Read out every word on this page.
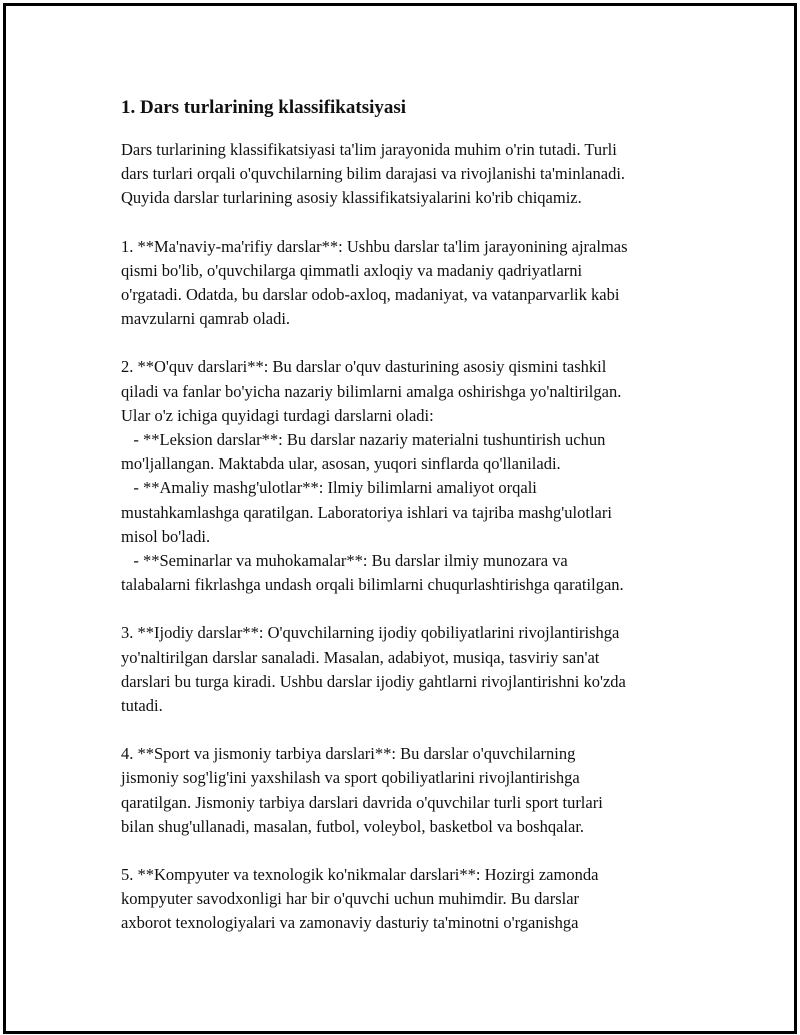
1. Dars turlarining klassifikatsiyasi
Dars turlarining klassifikatsiyasi ta'lim jarayonida muhim o'rin tutadi. Turli
dars turlari orqali o'quvchilarning bilim darajasi va rivojlanishi ta'minlanadi.
Quyida darslar turlarining asosiy klassifikatsiyalarini ko'rib chiqamiz.
1. **Ma'naviy-ma'rifiy darslar**: Ushbu darslar ta'lim jarayonining ajralmas
qismi bo'lib, o'quvchilarga qimmatli axloqiy va madaniy qadriyatlarni
o'rgatadi. Odatda, bu darslar odob-axloq, madaniyat, va vatanparvarlik kabi
mavzularni qamrab oladi.
2. **O'quv darslari**: Bu darslar o'quv dasturining asosiy qismini tashkil
qiladi va fanlar bo'yicha nazariy bilimlarni amalga oshirishga yo'naltirilgan.
Ular o'z ichiga quyidagi turdagi darslarni oladi:
- **Leksion darslar**: Bu darslar nazariy materialni tushuntirish uchun
mo'ljallangan. Maktabda ular, asosan, yuqori sinflarda qo'llaniladi.
- **Amaliy mashg'ulotlar**: Ilmiy bilimlarni amaliyot orqali
mustahkamlashga qaratilgan. Laboratoriya ishlari va tajriba mashg'ulotlari
misol bo'ladi.
- **Seminarlar va muhokamalar**: Bu darslar ilmiy munozara va
talabalarni fikrlashga undash orqali bilimlarni chuqurlashtirishga qaratilgan.
3. **Ijodiy darslar**: O'quvchilarning ijodiy qobiliyatlarini rivojlantirishga
yo'naltirilgan darslar sanaladi. Masalan, adabiyot, musiqa, tasviriy san'at
darslari bu turga kiradi. Ushbu darslar ijodiy gahtlarni rivojlantirishni ko'zda
tutadi.
4. **Sport va jismoniy tarbiya darslari**: Bu darslar o'quvchilarning
jismoniy sog'lig'ini yaxshilash va sport qobiliyatlarini rivojlantirishga
qaratilgan. Jismoniy tarbiya darslari davrida o'quvchilar turli sport turlari
bilan shug'ullanadi, masalan, futbol, voleybol, basketbol va boshqalar.
5. **Kompyuter va texnologik ko'nikmalar darslari**: Hozirgi zamonda
kompyuter savodxonligi har bir o'quvchi uchun muhimdir. Bu darslar
axborot texnologiyalari va zamonaviy dasturiy ta'minotni o'rganishga
